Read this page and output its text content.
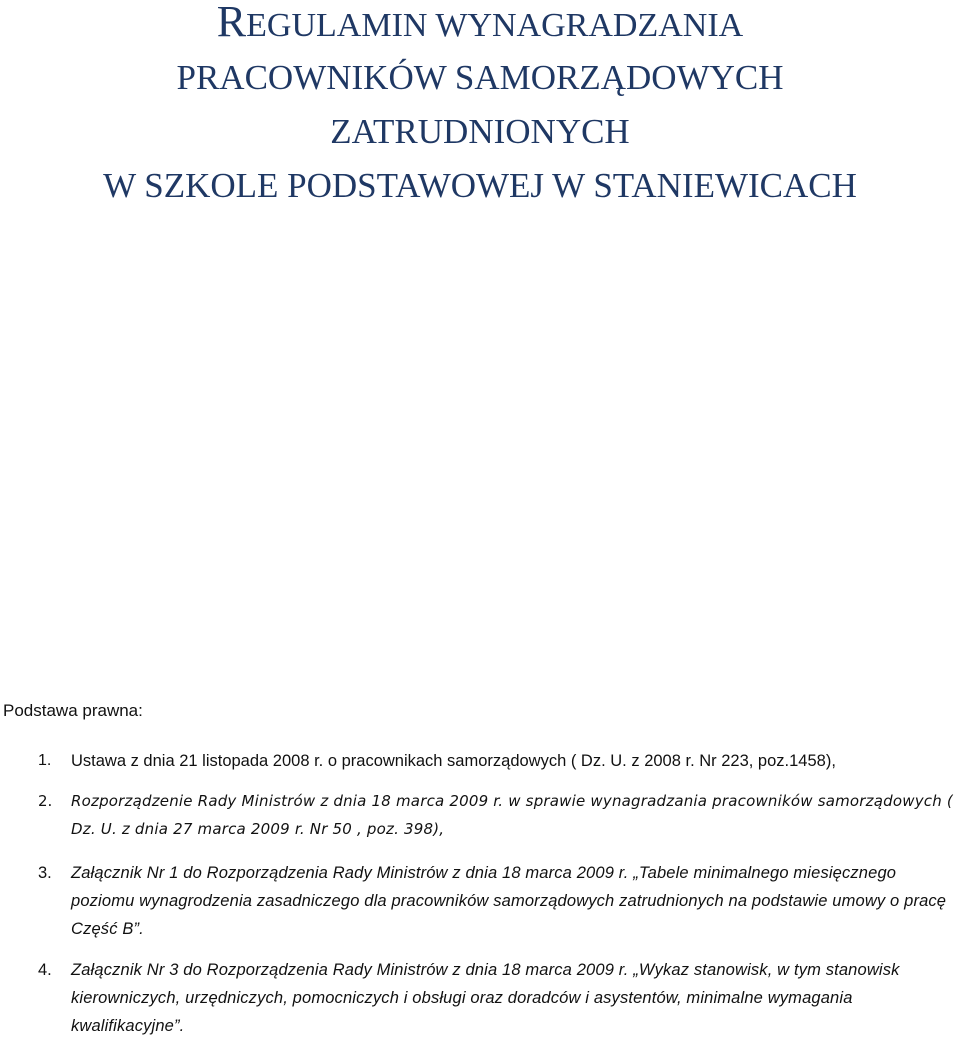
REGULAMIN WYNAGRADZANIA
PRACOWNIKÓW SAMORZĄDOWYCH
ZATRUDNIONYCH
W SZKOLE PODSTAWOWEJ W STANIEWICACH
Podstawa prawna:
1. Ustawa z dnia 21 listopada 2008 r. o pracownikach samorządowych ( Dz. U. z 2008 r. Nr 223, poz.1458),
2. Rozporządzenie Rady Ministrów z dnia 18 marca 2009 r. w sprawie wynagradzania pracowników samorządowych ( Dz. U. z dnia 27 marca 2009 r. Nr 50 , poz. 398),
3. Załącznik Nr 1 do Rozporządzenia Rady Ministrów z dnia 18 marca 2009 r. „Tabele minimalnego miesięcznego poziomu wynagrodzenia zasadniczego dla pracowników samorządowych zatrudnionych na podstawie umowy o pracę Część B”.
4. Załącznik Nr 3 do Rozporządzenia Rady Ministrów z dnia 18 marca 2009 r. „Wykaz stanowisk, w tym stanowisk kierowniczych, urzędniczych, pomocniczych i obsługi oraz doradców i asystentów, minimalne wymagania kwalifikacyjne”.
